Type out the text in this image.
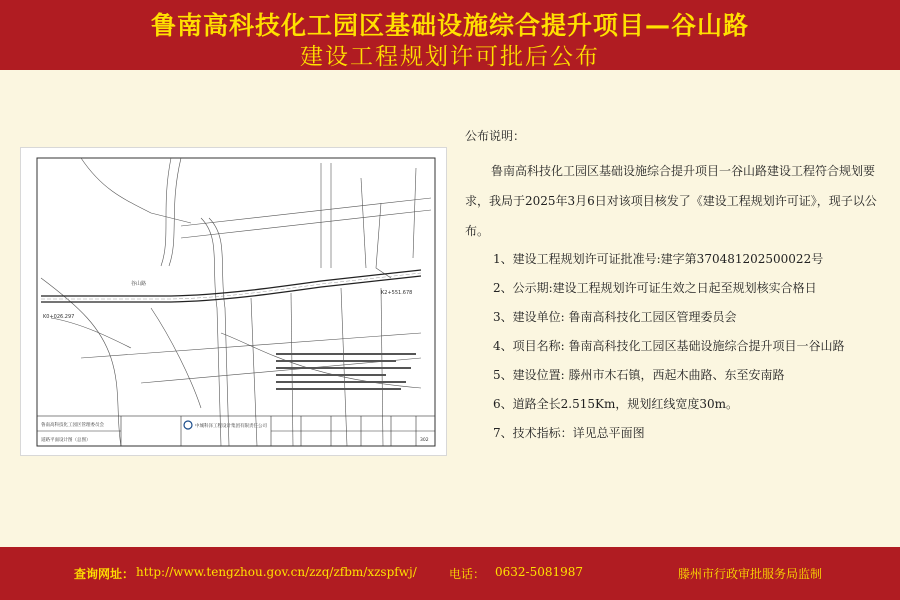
鲁南高科技化工园区基础设施综合提升项目—谷山路
建设工程规划许可批后公布
谷山路
K0+026.297
K2+551.678
鲁南高科技化工园区管理委员会
道路平面设计图（总图）
中城科泽工程设计集团有限责任公司
302
公布说明：
鲁南高科技化工园区基础设施综合提升项目一谷山路建设工程符合规划要求，我局于2025年3月6日对该项目核发了《建设工程规划许可证》，现子以公布。
1、建设工程规划许可证批准号:建字第370481202500022号
2、公示期:建设工程规划许可证生效之日起至规划核实合格日
3、建设单位: 鲁南高科技化工园区管理委员会
4、项目名称: 鲁南高科技化工园区基础设施综合提升项目一谷山路
5、建设位置: 滕州市木石镇，西起木曲路、东至安南路
6、道路全长2.515Km，规划红线宽度30m。
7、技术指标：详见总平面图
查询网址： http://www.tengzhou.gov.cn/zzq/zfbm/xzspfwj/	电话： 0632-5081987	滕州市行政审批服务局监制
